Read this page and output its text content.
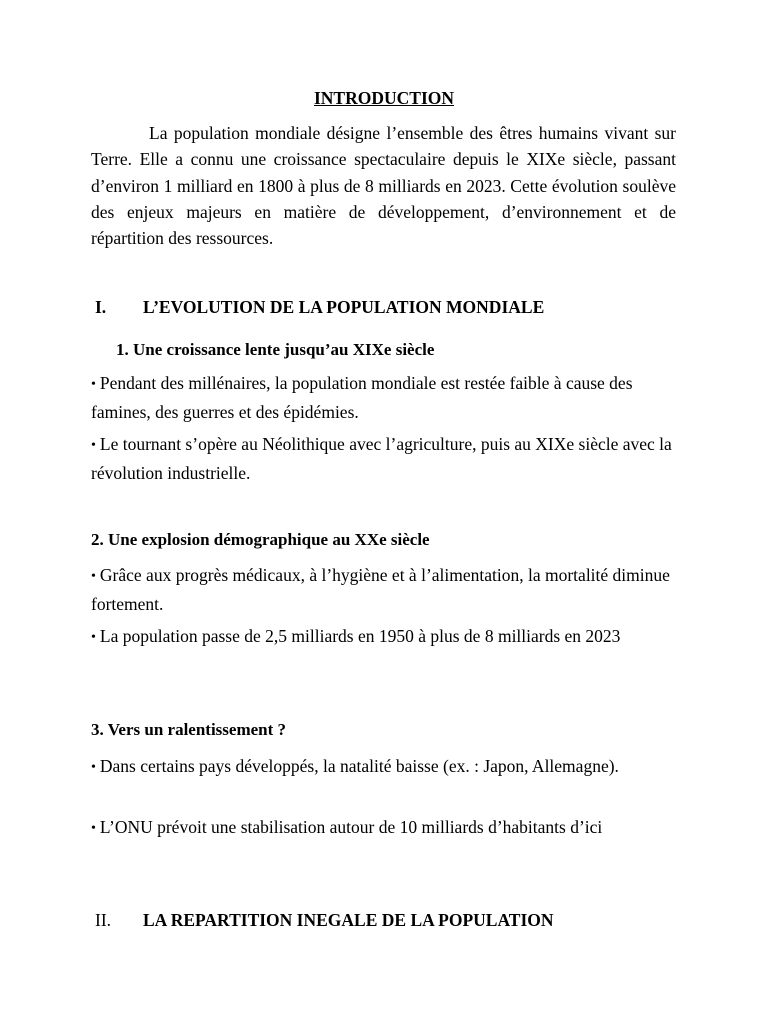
INTRODUCTION

La population mondiale désigne l’ensemble des êtres humains vivant sur Terre. Elle a connu une croissance spectaculaire depuis le XIXe siècle, passant d’environ 1 milliard en 1800 à plus de 8 milliards en 2023. Cette évolution soulève des enjeux majeurs en matière de développement, d’environnement et de répartition des ressources.

I. L’EVOLUTION DE LA POPULATION MONDIALE
1. Une croissance lente jusqu’au XIXe siècle

• Pendant des millénaires, la population mondiale est restée faible à cause des famines, des guerres et des épidémies.

• Le tournant s’opère au Néolithique avec l’agriculture, puis au XIXe siècle avec la révolution industrielle.

2. Une explosion démographique au XXe siècle

• Grâce aux progrès médicaux, à l’hygiène et à l’alimentation, la mortalité diminue fortement.

• La population passe de 2,5 milliards en 1950 à plus de 8 milliards en 2023

3. Vers un ralentissement ?

• Dans certains pays développés, la natalité baisse (ex. : Japon, Allemagne).

• L’ONU prévoit une stabilisation autour de 10 milliards d’habitants d’ici

II. LA REPARTITION INEGALE DE LA POPULATION
